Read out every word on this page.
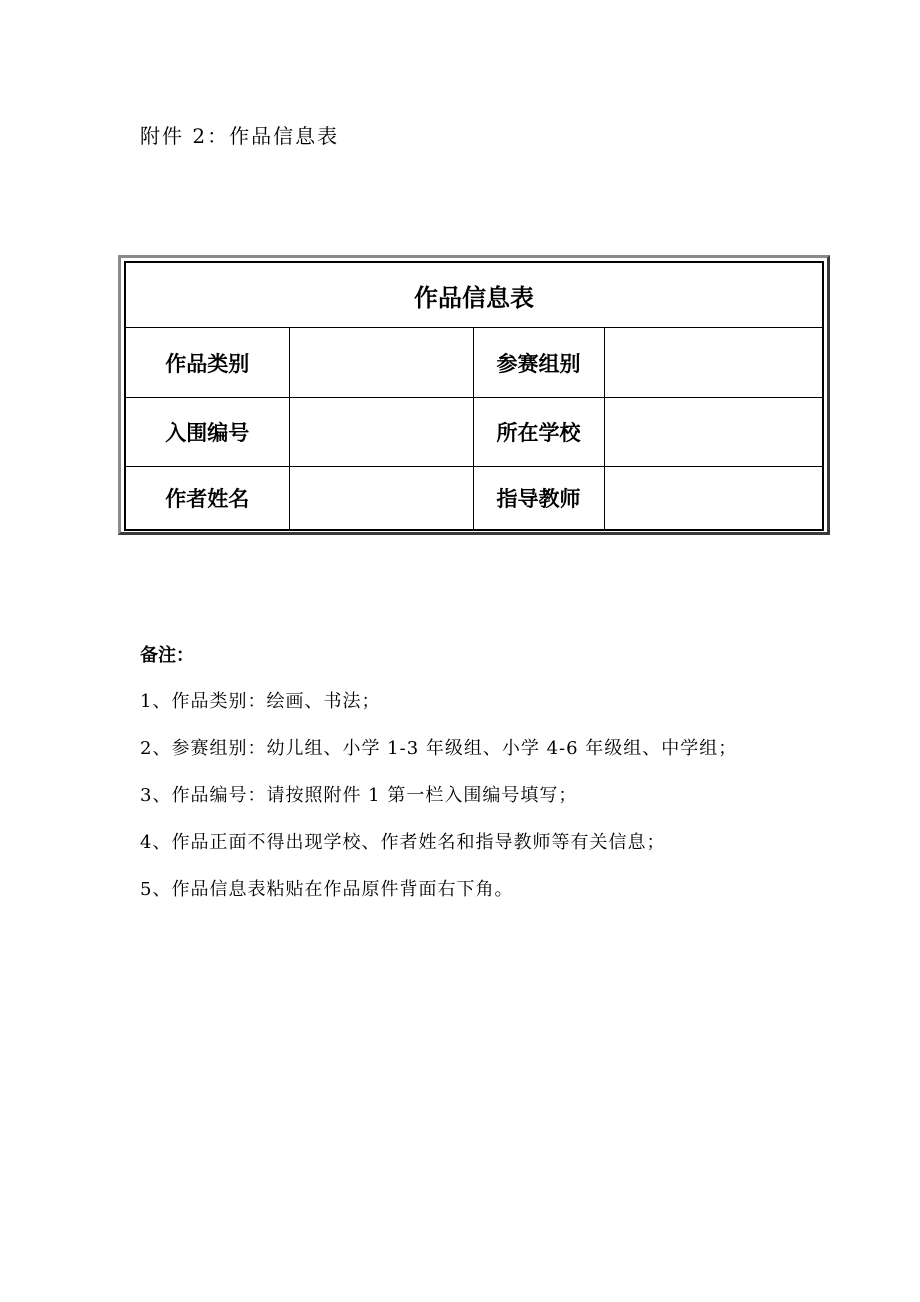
附件 2：作品信息表
作品信息表			
作品类别		参赛组别	
入围编号		所在学校	
作者姓名		指导教师	
备注：
1、作品类别：绘画、书法；
2、参赛组别：幼儿组、小学 1-3 年级组、小学 4-6 年级组、中学组；
3、作品编号：请按照附件 1 第一栏入围编号填写；
4、作品正面不得出现学校、作者姓名和指导教师等有关信息；
5、作品信息表粘贴在作品原件背面右下角。
